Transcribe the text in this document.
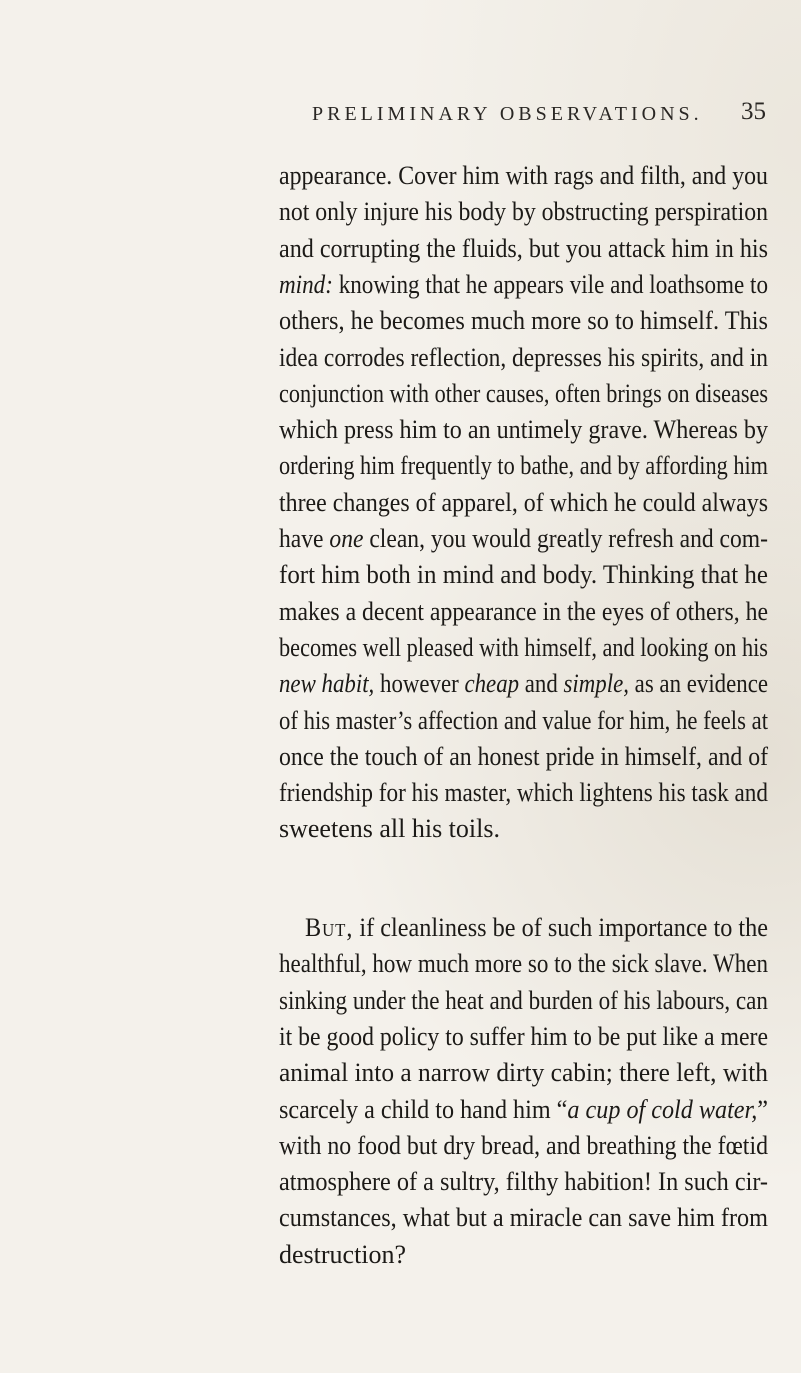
PRELIMINARY OBSERVATIONS. 35
appearance. Cover him with rags and filth, and you
not only injure his body by obstructing perspiration
and corrupting the fluids, but you attack him in his
mind: knowing that he appears vile and loathsome to
others, he becomes much more so to himself. This
idea corrodes reflection, depresses his spirits, and in
conjunction with other causes, often brings on diseases
which press him to an untimely grave. Whereas by
ordering him frequently to bathe, and by affording him
three changes of apparel, of which he could always
have one clean, you would greatly refresh and com-
fort him both in mind and body. Thinking that he
makes a decent appearance in the eyes of others, he
becomes well pleased with himself, and looking on his
new habit, however cheap and simple, as an evidence
of his master’s affection and value for him, he feels at
once the touch of an honest pride in himself, and of
friendship for his master, which lightens his task and
sweetens all his toils.
But, if cleanliness be of such importance to the
healthful, how much more so to the sick slave. When
sinking under the heat and burden of his labours, can
it be good policy to suffer him to be put like a mere
animal into a narrow dirty cabin; there left, with
scarcely a child to hand him “a cup of cold water,”
with no food but dry bread, and breathing the fœtid
atmosphere of a sultry, filthy habition! In such cir-
cumstances, what but a miracle can save him from
destruction?
